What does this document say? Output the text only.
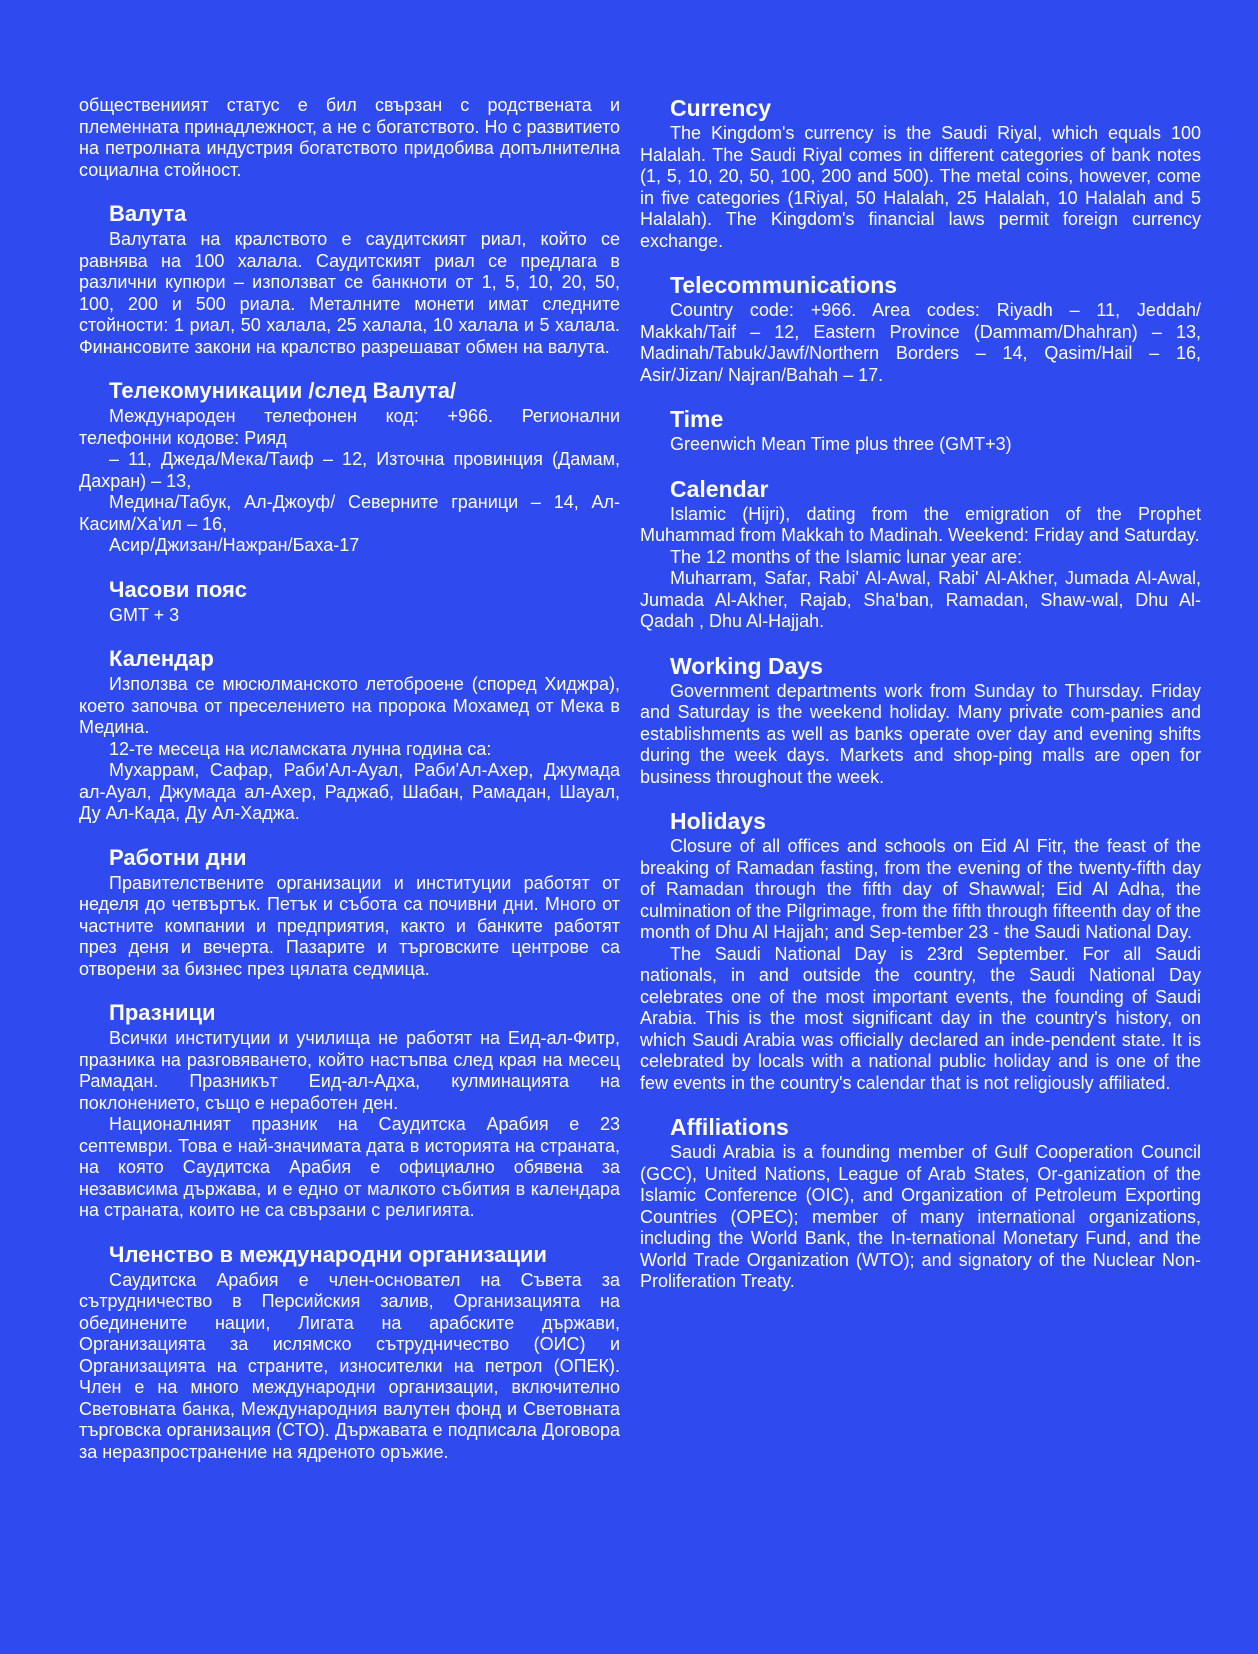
обществениият статус е бил свързан с родствената и племенната принадлежност, а не с богатството. Но с развитието на петролната индустрия богатството придобива допълнителна социална стойност.

Валута

Валутата на кралството е саудитският риал, който се равнява на 100 халала. Саудитският риал се предлага в различни купюри – използват се банкноти от 1, 5, 10, 20, 50, 100, 200 и 500 риала. Металните монети имат следните стойности: 1 риал, 50 халала, 25 халала, 10 халала и 5 халала. Финансовите закони на кралство разрешават обмен на валута.

Телекомуникации /след Валута/

Международен телефонен код: +966. Регионални телефонни кодове: Рияд

– 11, Джеда/Мека/Таиф – 12, Източна провинция (Дамам, Дахран) – 13,

Медина/Табук, Ал-Джоуф/ Северните граници – 14, Ал-Касим/Ха'ил – 16,

Асир/Джизан/Нажран/Баха-17

Часови пояс

GMT + 3

Календар

Използва се мюсюлманското летоброене (според Хиджра), което започва от преселението на пророка Мохамед от Мека в Медина.

12-те месеца на исламската лунна година са:

Мухаррам, Сафар, Раби'Ал-Ауал, Раби'Ал-Ахер, Джумада ал-Ауал, Джумада ал-Ахер, Раджаб, Шабан, Рамадан, Шауал, Ду Ал-Када, Ду Ал-Хаджа.

Работни дни

Правителствените организации и институции работят от неделя до четвъртък. Петък и събота са почивни дни. Много от частните компании и предприятия, както и банките работят през деня и вечерта. Пазарите и търговските центрове са отворени за бизнес през цялата седмица.

Празници

Всички институции и училища не работят на Еид-ал-Фитр, празника на разговяването, който настъпва след края на месец Рамадан. Празникът Еид-ал-Адха, кулминацията на поклонението, също е неработен ден.

Националният празник на Саудитска Арабия е 23 септември. Това е най-значимата дата в историята на страната, на която Саудитска Арабия е официално обявена за независима държава, и е едно от малкото събития в календара на страната, които не са свързани с религията.

Членство в международни организации

Саудитска Арабия е член-основател на Съвета за сътрудничество в Персийския залив, Организацията на обединените нации, Лигата на арабските държави, Организацията за ислямско сътрудничество (ОИС) и Организацията на страните, износителки на петрол (ОПЕК). Член е на много международни организации, включително Световната банка, Международния валутен фонд и Световната търговска организация (СТО). Държавата е подписала Договора за неразпространение на ядреното оръжие.

Currency

The Kingdom's currency is the Saudi Riyal, which equals 100 Halalah. The Saudi Riyal comes in different categories of bank notes (1, 5, 10, 20, 50, 100, 200 and 500). The metal coins, however, come in five categories (1Riyal, 50 Halalah, 25 Halalah, 10 Halalah and 5 Halalah). The Kingdom's financial laws permit foreign currency exchange.

Telecommunications

Country code: +966. Area codes: Riyadh – 11, Jeddah/ Makkah/Taif – 12, Eastern Province (Dammam/Dhahran) – 13, Madinah/Tabuk/Jawf/Northern Borders – 14, Qasim/Hail – 16, Asir/Jizan/ Najran/Bahah – 17.

Time

Greenwich Mean Time plus three (GMT+3)

Calendar

Islamic (Hijri), dating from the emigration of the Prophet Muhammad from Makkah to Madinah. Weekend: Friday and Saturday.

The 12 months of the Islamic lunar year are:

Muharram, Safar, Rabi' Al-Awal, Rabi' Al-Akher, Jumada Al-Awal, Jumada Al-Akher, Rajab, Sha'ban, Ramadan, Shaw-wal, Dhu Al-Qadah , Dhu Al-Hajjah.

Working Days

Government departments work from Sunday to Thursday. Friday and Saturday is the weekend holiday. Many private com-panies and establishments as well as banks operate over day and evening shifts during the week days. Markets and shop-ping malls are open for business throughout the week.

Holidays

Closure of all offices and schools on Eid Al Fitr, the feast of the breaking of Ramadan fasting, from the evening of the twenty-fifth day of Ramadan through the fifth day of Shawwal; Eid Al Adha, the culmination of the Pilgrimage, from the fifth through fifteenth day of the month of Dhu Al Hajjah; and Sep-tember 23 - the Saudi National Day.

The Saudi National Day is 23rd September. For all Saudi nationals, in and outside the country, the Saudi National Day celebrates one of the most important events, the founding of Saudi Arabia. This is the most significant day in the country's history, on which Saudi Arabia was officially declared an inde-pendent state. It is celebrated by locals with a national public holiday and is one of the few events in the country's calendar that is not religiously affiliated.

Affiliations

Saudi Arabia is a founding member of Gulf Cooperation Council (GCC), United Nations, League of Arab States, Or-ganization of the Islamic Conference (OIC), and Organization of Petroleum Exporting Countries (OPEC); member of many international organizations, including the World Bank, the In-ternational Monetary Fund, and the World Trade Organization (WTO); and signatory of the Nuclear Non-Proliferation Treaty.
